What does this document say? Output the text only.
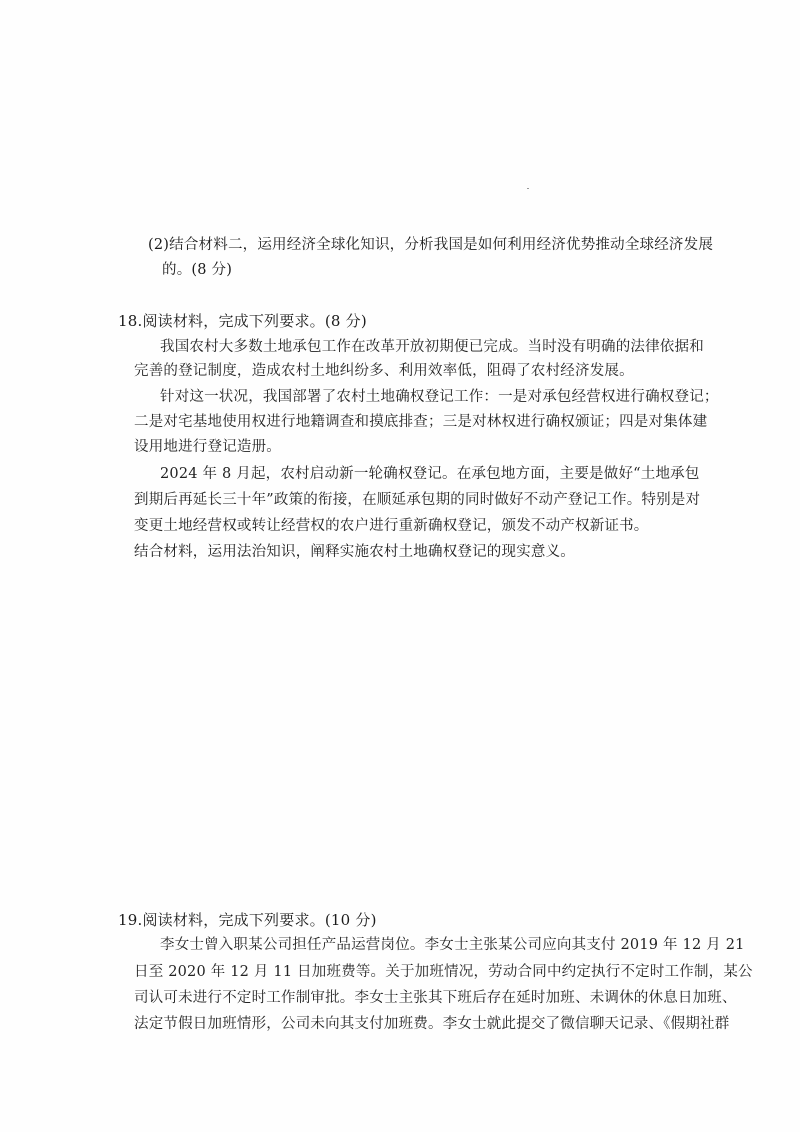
(2)结合材料二，运用经济全球化知识，分析我国是如何利用经济优势推动全球经济发展
的。(8 分)
18.阅读材料，完成下列要求。(8 分)
我国农村大多数土地承包工作在改革开放初期便已完成。当时没有明确的法律依据和
完善的登记制度，造成农村土地纠纷多、利用效率低，阻碍了农村经济发展。
针对这一状况，我国部署了农村土地确权登记工作：一是对承包经营权进行确权登记；
二是对宅基地使用权进行地籍调查和摸底排查；三是对林权进行确权颁证；四是对集体建
设用地进行登记造册。
2024 年 8 月起，农村启动新一轮确权登记。在承包地方面，主要是做好“土地承包
到期后再延长三十年”政策的衔接，在顺延承包期的同时做好不动产登记工作。特别是对
变更土地经营权或转让经营权的农户进行重新确权登记，颁发不动产权新证书。
结合材料，运用法治知识，阐释实施农村土地确权登记的现实意义。
19.阅读材料，完成下列要求。(10 分)
李女士曾入职某公司担任产品运营岗位。李女士主张某公司应向其支付 2019 年 12 月 21
日至 2020 年 12 月 11 日加班费等。关于加班情况，劳动合同中约定执行不定时工作制，某公
司认可未进行不定时工作制审批。李女士主张其下班后存在延时加班、未调休的休息日加班、
法定节假日加班情形，公司未向其支付加班费。李女士就此提交了微信聊天记录、《假期社群
